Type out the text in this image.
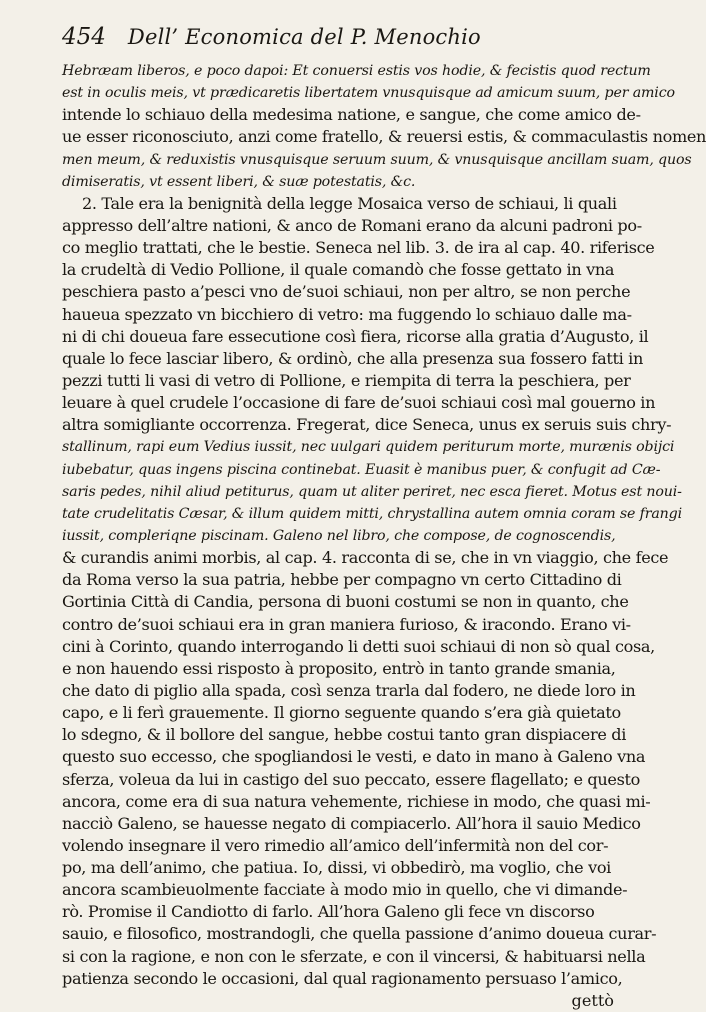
454 Dell’ Economica del P. Menochio
Hebræam liberos, e poco dapoi: Et conuersi estis vos hodie, & fecistis quod rectum
est in oculis meis, vt prædicaretis libertatem vnusquisque ad amicum suum, per amico
intende lo schiauo della medesima natione, e sangue, che come amico de-
ue esser riconosciuto, anzi come fratello, & reuersi estis, & commaculastis nomen
men meum, & reduxistis vnusquisque seruum suum, & vnusquisque ancillam suam, quos
dimiseratis, vt essent liberi, & suæ potestatis, &c.
2. Tale era la benignità della legge Mosaica verso de schiaui, li quali
appresso dell’altre nationi, & anco de Romani erano da alcuni padroni po-
co meglio trattati, che le bestie. Seneca nel lib. 3. de ira al cap. 40. riferisce
la crudeltà di Vedio Pollione, il quale comandò che fosse gettato in vna
peschiera pasto a’pesci vno de’suoi schiaui, non per altro, se non perche
haueua spezzato vn bicchiero di vetro: ma fuggendo lo schiauo dalle ma-
ni di chi doueua fare essecutione così fiera, ricorse alla gratia d’Augusto, il
quale lo fece lasciar libero, & ordinò, che alla presenza sua fossero fatti in
pezzi tutti li vasi di vetro di Pollione, e riempita di terra la peschiera, per
leuare à quel crudele l’occasione di fare de’suoi schiaui così mal gouerno in
altra somigliante occorrenza. Fregerat, dice Seneca, unus ex seruis suis chry-
stallinum, rapi eum Vedius iussit, nec uulgari quidem periturum morte, murænis obijci
iubebatur, quas ingens piscina continebat. Euasit è manibus puer, & confugit ad Cæ-
saris pedes, nihil aliud petiturus, quam ut aliter periret, nec esca fieret. Motus est noui-
tate crudelitatis Cæsar, & illum quidem mitti, chrystallina autem omnia coram se frangi
iussit, compleriqne piscinam. Galeno nel libro, che compose, de cognoscendis,
& curandis animi morbis, al cap. 4. racconta di se, che in vn viaggio, che fece
da Roma verso la sua patria, hebbe per compagno vn certo Cittadino di
Gortinia Città di Candia, persona di buoni costumi se non in quanto, che
contro de’suoi schiaui era in gran maniera furioso, & iracondo. Erano vi-
cini à Corinto, quando interrogando li detti suoi schiaui di non sò qual cosa,
e non hauendo essi risposto à proposito, entrò in tanto grande smania,
che dato di piglio alla spada, così senza trarla dal fodero, ne diede loro in
capo, e li ferì grauemente. Il giorno seguente quando s’era già quietato
lo sdegno, & il bollore del sangue, hebbe costui tanto gran dispiacere di
questo suo eccesso, che spogliandosi le vesti, e dato in mano à Galeno vna
sferza, voleua da lui in castigo del suo peccato, essere flagellato; e questo
ancora, come era di sua natura vehemente, richiese in modo, che quasi mi-
nacciò Galeno, se hauesse negato di compiacerlo. All’hora il sauio Medico
volendo insegnare il vero rimedio all’amico dell’infermità non del cor-
po, ma dell’animo, che patiua. Io, dissi, vi obbedirò, ma voglio, che voi
ancora scambieuolmente facciate à modo mio in quello, che vi dimande-
rò. Promise il Candiotto di farlo. All’hora Galeno gli fece vn discorso
sauio, e filosofico, mostrandogli, che quella passione d’animo doueua curar-
si con la ragione, e non con le sferzate, e con il vincersi, & habituarsi nella
patienza secondo le occasioni, dal qual ragionamento persuaso l’amico,
gettò
